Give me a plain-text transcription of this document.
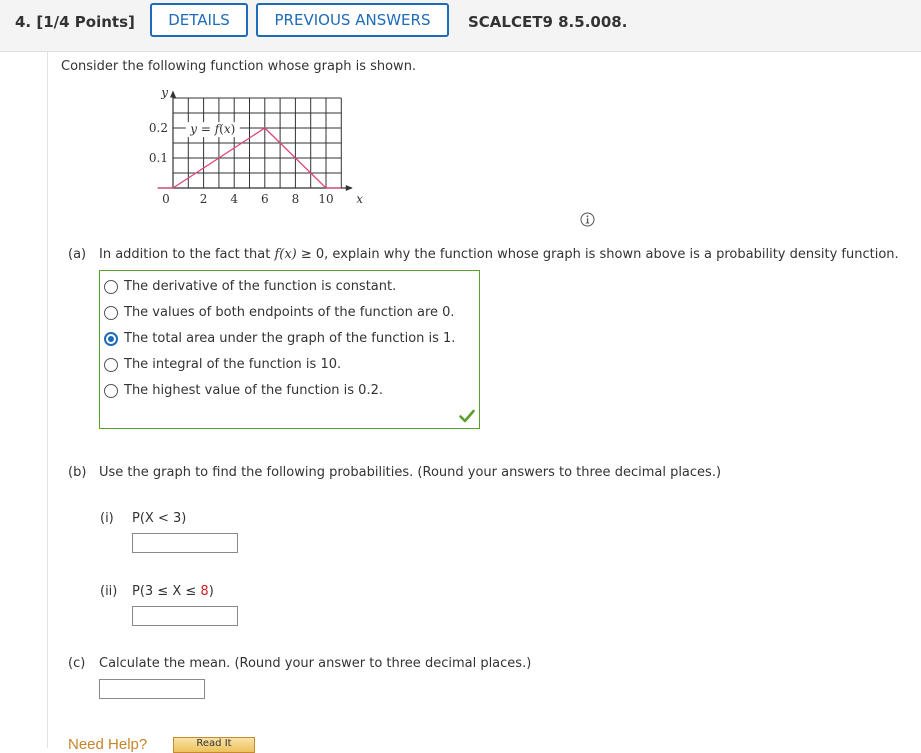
4. [1/4 Points]	DETAILS	PREVIOUS ANSWERS	SCALCET9 8.5.008.
Consider the following function whose graph is shown.
2 4 6 8 10
0.1
0.2
0	x
y
y = f(x)
(a) In addition to the fact that f(x) ≥ 0, explain why the function whose graph is shown above is a probability density function.
The derivative of the function is constant.
The values of both endpoints of the function are 0.
The total area under the graph of the function is 1.
The integral of the function is 10.
The highest value of the function is 0.2.
(b) Use the graph to find the following probabilities. (Round your answers to three decimal places.)
(i) P(X < 3)
(ii) P(3 ≤ X ≤ 8)
(c) Calculate the mean. (Round your answer to three decimal places.)
Need Help?	Read It
